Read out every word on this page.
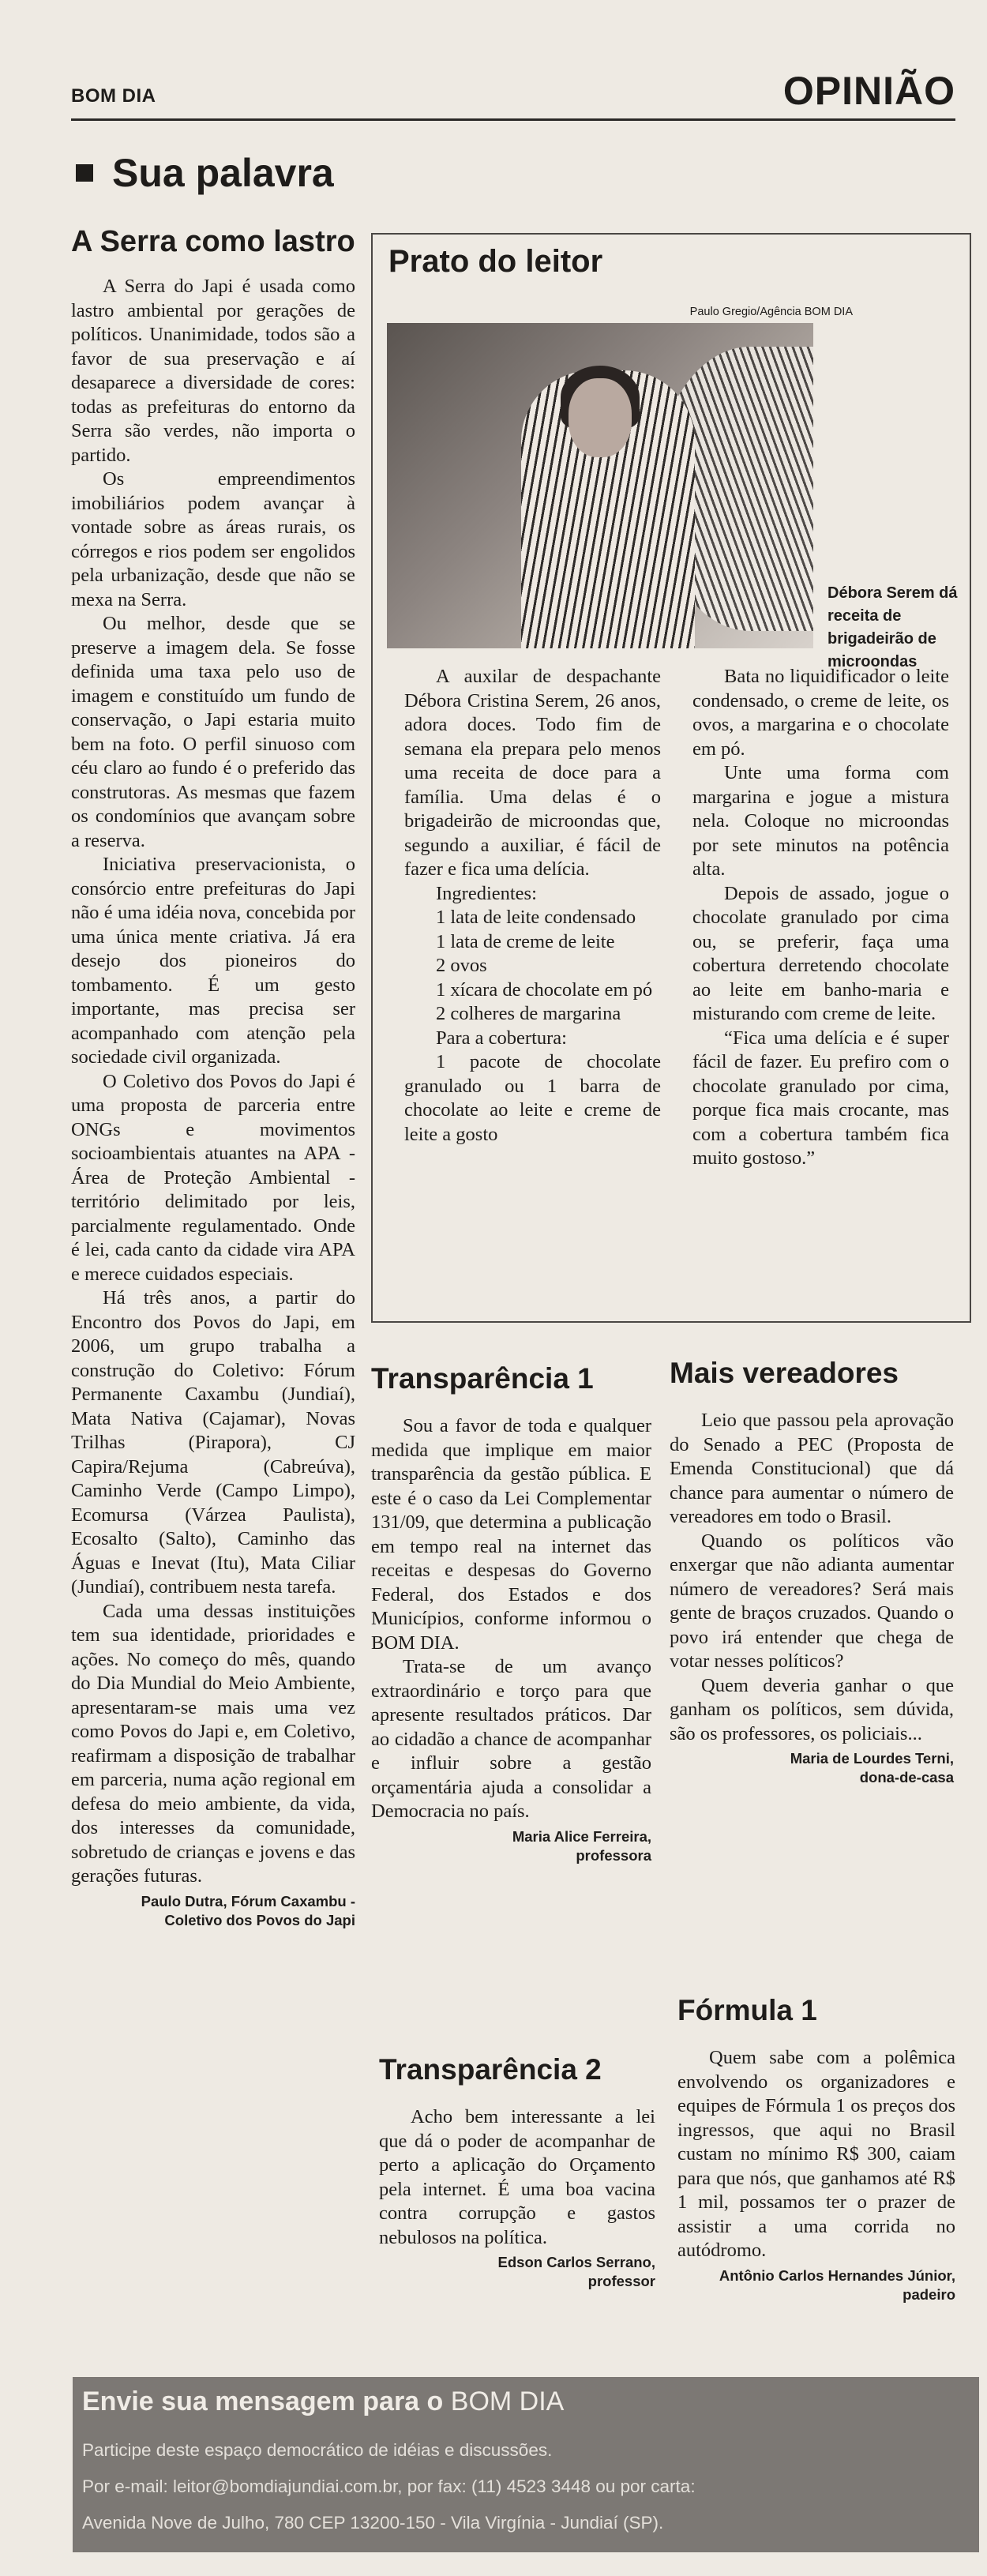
BOM DIA	OPINIÃO
Sua palavra
A Serra como lastro

A Serra do Japi é usada como lastro ambiental por gerações de políticos. Unanimidade, todos são a favor de sua preservação e aí desaparece a diversidade de cores: todas as prefeituras do entorno da Serra são verdes, não importa o partido.

Os empreendimentos imobiliários podem avançar à vontade sobre as áreas rurais, os córregos e rios podem ser engolidos pela urbanização, desde que não se mexa na Serra.

Ou melhor, desde que se preserve a imagem dela. Se fosse definida uma taxa pelo uso de imagem e constituído um fundo de conservação, o Japi estaria muito bem na foto. O perfil sinuoso com céu claro ao fundo é o preferido das construtoras. As mesmas que fazem os condomínios que avançam sobre a reserva.

Iniciativa preservacionista, o consórcio entre prefeituras do Japi não é uma idéia nova, concebida por uma única mente criativa. Já era desejo dos pioneiros do tombamento. É um gesto importante, mas precisa ser acompanhado com atenção pela sociedade civil organizada.

O Coletivo dos Povos do Japi é uma proposta de parceria entre ONGs e movimentos socioambientais atuantes na APA - Área de Proteção Ambiental - território delimitado por leis, parcialmente regulamentado. Onde é lei, cada canto da cidade vira APA e merece cuidados especiais.

Há três anos, a partir do Encontro dos Povos do Japi, em 2006, um grupo trabalha a construção do Coletivo: Fórum Permanente Caxambu (Jundiaí), Mata Nativa (Cajamar), Novas Trilhas (Pirapora), CJ Capira/Rejuma (Cabreúva), Caminho Verde (Campo Limpo), Ecomursa (Várzea Paulista), Ecosalto (Salto), Caminho das Águas e Inevat (Itu), Mata Ciliar (Jundiaí), contribuem nesta tarefa.

Cada uma dessas instituições tem sua identidade, prioridades e ações. No começo do mês, quando do Dia Mundial do Meio Ambiente, apresentaram-se mais uma vez como Povos do Japi e, em Coletivo, reafirmam a disposição de trabalhar em parceria, numa ação regional em defesa do meio ambiente, da vida, dos interesses da comunidade, sobretudo de crianças e jovens e das gerações futuras.

Paulo Dutra, Fórum Caxambu -
Coletivo dos Povos do Japi
Prato do leitor
Paulo Gregio/Agência BOM DIA
Débora Serem dá receita de brigadeirão de microondas

A auxilar de despachante Débora Cristina Serem, 26 anos, adora doces. Todo fim de semana ela prepara pelo menos uma receita de doce para a família. Uma delas é o brigadeirão de microondas que, segundo a auxiliar, é fácil de fazer e fica uma delícia.

Ingredientes:

1 lata de leite condensado

1 lata de creme de leite

2 ovos

1 xícara de chocolate em pó

2 colheres de margarina

Para a cobertura:

1 pacote de chocolate granulado ou 1 barra de chocolate ao leite e creme de leite a gosto

Bata no liquidificador o leite condensado, o creme de leite, os ovos, a margarina e o chocolate em pó.

Unte uma forma com margarina e jogue a mistura nela. Coloque no microondas por sete minutos na potência alta.

Depois de assado, jogue o chocolate granulado por cima ou, se preferir, faça uma cobertura derretendo chocolate ao leite em banho-maria e misturando com creme de leite.

“Fica uma delícia e é super fácil de fazer. Eu prefiro com o chocolate granulado por cima, porque fica mais crocante, mas com a cobertura também fica muito gostoso.”

Transparência 1

Sou a favor de toda e qualquer medida que implique em maior transparência da gestão pública. E este é o caso da Lei Complementar 131/09, que determina a publicação em tempo real na internet das receitas e despesas do Governo Federal, dos Estados e dos Municípios, conforme informou o BOM DIA.

Trata-se de um avanço extraordinário e torço para que apresente resultados práticos. Dar ao cidadão a chance de acompanhar e influir sobre a gestão orçamentária ajuda a consolidar a Democracia no país.

Maria Alice Ferreira,
professora
Transparência 2

Acho bem interessante a lei que dá o poder de acompanhar de perto a aplicação do Orçamento pela internet. É uma boa vacina contra corrupção e gastos nebulosos na política.

Edson Carlos Serrano,
professor
Mais vereadores

Leio que passou pela aprovação do Senado a PEC (Proposta de Emenda Constitucional) que dá chance para aumentar o número de vereadores em todo o Brasil.

Quando os políticos vão enxergar que não adianta aumentar número de vereadores? Será mais gente de braços cruzados. Quando o povo irá entender que chega de votar nesses políticos?

Quem deveria ganhar o que ganham os políticos, sem dúvida, são os professores, os policiais...

Maria de Lourdes Terni,
dona-de-casa
Fórmula 1

Quem sabe com a polêmica envolvendo os organizadores e equipes de Fórmula 1 os preços dos ingressos, que aqui no Brasil custam no mínimo R$ 300, caiam para que nós, que ganhamos até R$ 1 mil, possamos ter o prazer de assistir a uma corrida no autódromo.

Antônio Carlos Hernandes Júnior,
padeiro
Envie sua mensagem para o BOM DIA
Participe deste espaço democrático de idéias e discussões.
Por e-mail: leitor@bomdiajundiai.com.br, por fax: (11) 4523 3448 ou por carta:
Avenida Nove de Julho, 780 CEP 13200-150 - Vila Virgínia - Jundiaí (SP).
